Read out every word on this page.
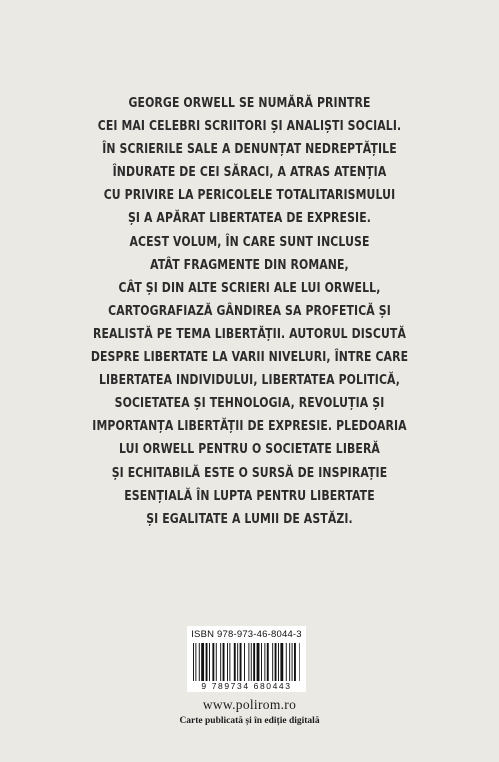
GEORGE ORWELL SE NUMĂRĂ PRINTRE
CEI MAI CELEBRI SCRIITORI ȘI ANALIȘTI SOCIALI.
ÎN SCRIERILE SALE A DENUNȚAT NEDREPTĂȚILE
ÎNDURATE DE CEI SĂRACI, A ATRAS ATENȚIA
CU PRIVIRE LA PERICOLELE TOTALITARISMULUI
ȘI A APĂRAT LIBERTATEA DE EXPRESIE.
ACEST VOLUM, ÎN CARE SUNT INCLUSE
ATÂT FRAGMENTE DIN ROMANE,
CÂT ȘI DIN ALTE SCRIERI ALE LUI ORWELL,
CARTOGRAFIAZĂ GÂNDIREA SA PROFETICĂ ȘI
REALISTĂ PE TEMA LIBERTĂȚII. AUTORUL DISCUTĂ
DESPRE LIBERTATE LA VARII NIVELURI, ÎNTRE CARE
LIBERTATEA INDIVIDULUI, LIBERTATEA POLITICĂ,
SOCIETATEA ȘI TEHNOLOGIA, REVOLUȚIA ȘI
IMPORTANȚA LIBERTĂȚII DE EXPRESIE. PLEDOARIA
LUI ORWELL PENTRU O SOCIETATE LIBERĂ
ȘI ECHITABILĂ ESTE O SURSĂ DE INSPIRAȚIE
ESENȚIALĂ ÎN LUPTA PENTRU LIBERTATE
ȘI EGALITATE A LUMII DE ASTĂZI.
ISBN 978-973-46-8044-3
9 789734 680443
www.polirom.ro
Carte publicată și în ediție digitală
